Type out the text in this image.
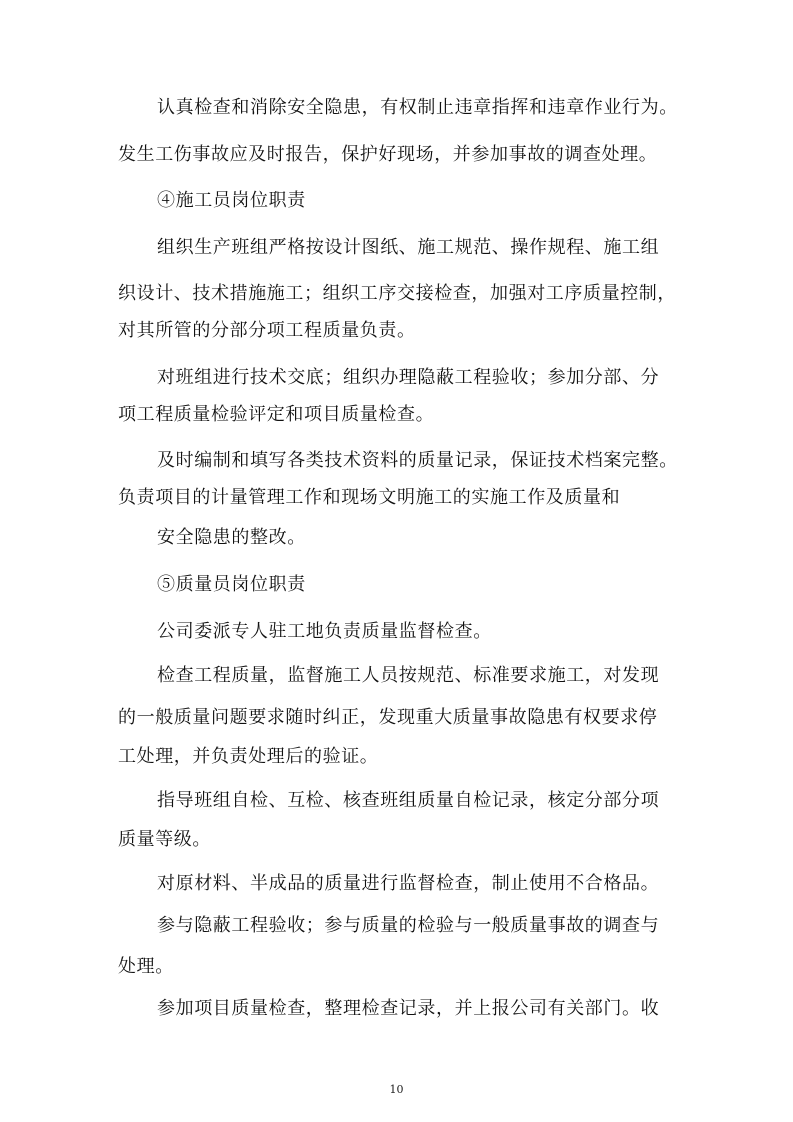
认真检查和消除安全隐患，有权制止违章指挥和违章作业行为。
发生工伤事故应及时报告，保护好现场，并参加事故的调查处理。
④施工员岗位职责
组织生产班组严格按设计图纸、施工规范、操作规程、施工组
织设计、技术措施施工；组织工序交接检查，加强对工序质量控制，
对其所管的分部分项工程质量负责。
对班组进行技术交底；组织办理隐蔽工程验收；参加分部、分
项工程质量检验评定和项目质量检查。
及时编制和填写各类技术资料的质量记录，保证技术档案完整。
负责项目的计量管理工作和现场文明施工的实施工作及质量和
安全隐患的整改。
⑤质量员岗位职责
公司委派专人驻工地负责质量监督检查。
检查工程质量，监督施工人员按规范、标准要求施工，对发现
的一般质量问题要求随时纠正，发现重大质量事故隐患有权要求停
工处理，并负责处理后的验证。
指导班组自检、互检、核查班组质量自检记录，核定分部分项
质量等级。
对原材料、半成品的质量进行监督检查，制止使用不合格品。
参与隐蔽工程验收；参与质量的检验与一般质量事故的调查与
处理。
参加项目质量检查，整理检查记录，并上报公司有关部门。收
10
